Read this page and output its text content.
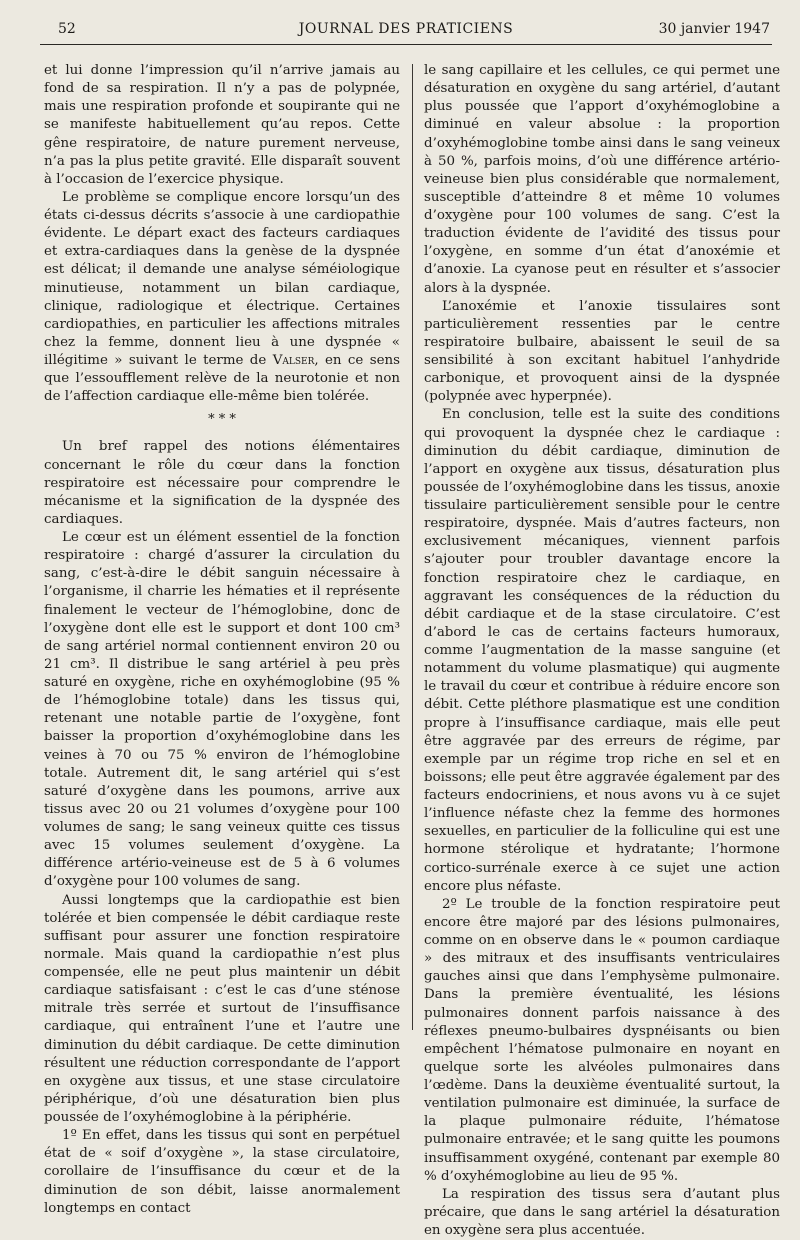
52	JOURNAL DES PRATICIENS	30 janvier 1947

et lui donne l’impression qu’il n’arrive jamais au fond de sa respiration. Il n’y a pas de polypnée, mais une respiration profonde et soupirante qui ne se manifeste habituellement qu’au repos. Cette gêne respiratoire, de nature purement nerveuse, n’a pas la plus petite gravité. Elle disparaît souvent à l’occasion de l’exercice physique.

Le problème se complique encore lorsqu’un des états ci-dessus décrits s’associe à une cardiopathie évidente. Le départ exact des facteurs cardiaques et extra-cardiaques dans la genèse de la dyspnée est délicat; il demande une analyse séméiologique minutieuse, notamment un bilan cardiaque, clinique, radiologique et électrique. Certaines cardiopathies, en particulier les affections mitrales chez la femme, donnent lieu à une dyspnée « illégitime » suivant le terme de Valser, en ce sens que l’essoufflement relève de la neurotonie et non de l’affection cardiaque elle-même bien tolérée.

* * *

Un bref rappel des notions élémentaires concernant le rôle du cœur dans la fonction respiratoire est nécessaire pour comprendre le mécanisme et la signification de la dyspnée des cardiaques.

Le cœur est un élément essentiel de la fonction respiratoire : chargé d’assurer la circulation du sang, c’est-à-dire le débit sanguin nécessaire à l’organisme, il charrie les hématies et il représente finalement le vecteur de l’hémoglobine, donc de l’oxygène dont elle est le support et dont 100 cm³ de sang artériel normal contiennent environ 20 ou 21 cm³. Il distribue le sang artériel à peu près saturé en oxygène, riche en oxyhémoglobine (95 % de l’hémoglobine totale) dans les tissus qui, retenant une notable partie de l’oxygène, font baisser la proportion d’oxyhémoglobine dans les veines à 70 ou 75 % environ de l’hémoglobine totale. Autrement dit, le sang artériel qui s’est saturé d’oxygène dans les poumons, arrive aux tissus avec 20 ou 21 volumes d’oxygène pour 100 volumes de sang; le sang veineux quitte ces tissus avec 15 volumes seulement d’oxygène. La différence artério-veineuse est de 5 à 6 volumes d’oxygène pour 100 volumes de sang.

Aussi longtemps que la cardiopathie est bien tolérée et bien compensée le débit cardiaque reste suffisant pour assurer une fonction respiratoire normale. Mais quand la cardiopathie n’est plus compensée, elle ne peut plus maintenir un débit cardiaque satisfaisant : c’est le cas d’une sténose mitrale très serrée et surtout de l’insuffisance cardiaque, qui entraînent l’une et l’autre une diminution du débit cardiaque. De cette diminution résultent une réduction correspondante de l’apport en oxygène aux tissus, et une stase circulatoire périphérique, d’où une désaturation bien plus poussée de l’oxyhémoglobine à la périphérie.

1º En effet, dans les tissus qui sont en perpétuel état de « soif d’oxygène », la stase circulatoire, corollaire de l’insuffisance du cœur et de la diminution de son débit, laisse anormalement longtemps en contact

le sang capillaire et les cellules, ce qui permet une désaturation en oxygène du sang artériel, d’autant plus poussée que l’apport d’oxyhémoglobine a diminué en valeur absolue : la proportion d’oxyhémoglobine tombe ainsi dans le sang veineux à 50 %, parfois moins, d’où une différence artério-veineuse bien plus considérable que normalement, susceptible d’atteindre 8 et même 10 volumes d’oxygène pour 100 volumes de sang. C’est la traduction évidente de l’avidité des tissus pour l’oxygène, en somme d’un état d’anoxémie et d’anoxie. La cyanose peut en résulter et s’associer alors à la dyspnée.

L’anoxémie et l’anoxie tissulaires sont particulièrement ressenties par le centre respiratoire bulbaire, abaissent le seuil de sa sensibilité à son excitant habituel l’anhydride carbonique, et provoquent ainsi de la dyspnée (polypnée avec hyperpnée).

En conclusion, telle est la suite des conditions qui provoquent la dyspnée chez le cardiaque : diminution du débit cardiaque, diminution de l’apport en oxygène aux tissus, désaturation plus poussée de l’oxyhémoglobine dans les tissus, anoxie tissulaire particulièrement sensible pour le centre respiratoire, dyspnée. Mais d’autres facteurs, non exclusivement mécaniques, viennent parfois s’ajouter pour troubler davantage encore la fonction respiratoire chez le cardiaque, en aggravant les conséquences de la réduction du débit cardiaque et de la stase circulatoire. C’est d’abord le cas de certains facteurs humoraux, comme l’augmentation de la masse sanguine (et notamment du volume plasmatique) qui augmente le travail du cœur et contribue à réduire encore son débit. Cette pléthore plasmatique est une condition propre à l’insuffisance cardiaque, mais elle peut être aggravée par des erreurs de régime, par exemple par un régime trop riche en sel et en boissons; elle peut être aggravée également par des facteurs endocriniens, et nous avons vu à ce sujet l’influence néfaste chez la femme des hormones sexuelles, en particulier de la folliculine qui est une hormone stérolique et hydratante; l’hormone cortico-surrénale exerce à ce sujet une action encore plus néfaste.

2º Le trouble de la fonction respiratoire peut encore être majoré par des lésions pulmonaires, comme on en observe dans le « poumon cardiaque » des mitraux et des insuffisants ventriculaires gauches ainsi que dans l’emphysème pulmonaire. Dans la première éventualité, les lésions pulmonaires donnent parfois naissance à des réflexes pneumo-bulbaires dyspnéisants ou bien empêchent l’hématose pulmonaire en noyant en quelque sorte les alvéoles pulmonaires dans l’œdème. Dans la deuxième éventualité surtout, la ventilation pulmonaire est diminuée, la surface de la plaque pulmonaire réduite, l’hématose pulmonaire entravée; et le sang quitte les poumons insuffisamment oxygéné, contenant par exemple 80 % d’oxyhémoglobine au lieu de 95 %.

La respiration des tissus sera d’autant plus précaire, que dans le sang artériel la désaturation en oxygène sera plus accentuée.
